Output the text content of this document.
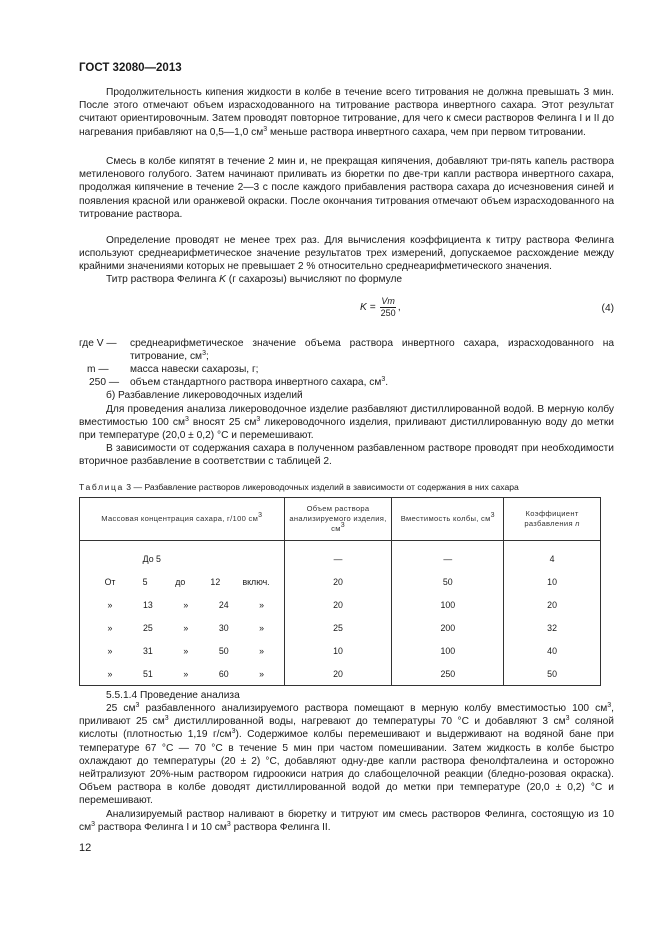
ГОСТ 32080—2013

Продолжительность кипения жидкости в колбе в течение всего титрования не должна превышать 3 мин. После этого отмечают объем израсходованного на титрование раствора инвертного сахара. Этот результат считают ориентировочным. Затем проводят повторное титрование, для чего к смеси растворов Фелинга I и II до нагревания прибавляют на 0,5—1,0 $см^3$ меньше раствора инвертного сахара, чем при первом титровании.

Смесь в колбе кипятят в течение 2 мин и, не прекращая кипячения, добавляют три-пять капель раствора метиленового голубого. Затем начинают приливать из бюретки по две-три капли раствора инвертного сахара, продолжая кипячение в течение 2—3 с после каждого прибавления раствора сахара до исчезновения синей и появления красной или оранжевой окраски. После окончания титрования отмечают объем израсходованного на титрование раствора.

Определение проводят не менее трех раз. Для вычисления коэффициента к титру раствора Фелинга используют среднеарифметическое значение результатов трех измерений, допускаемое расхождение между крайними значениями которых не превышает 2 % относительно среднеарифметического значения.

Титр раствора Фелинга K (г сахарозы) вычисляют по формуле

$K = \frac{Vm}{250}$ ,	(4)
где V — среднеарифметическое значение объема раствора инвертного сахара, израсходованного на титрование, $см^3$;
m — масса навески сахарозы, г;
250 — объем стандартного раствора инвертного сахара, $см^3$.

б) Разбавление ликероводочных изделий

Для проведения анализа ликероводочное изделие разбавляют дистиллированной водой. В мерную колбу вместимостью 100 $см^3$ вносят 25 $см^3$ ликероводочного изделия, приливают дистиллированную воду до метки при температуре (20,0 ± 0,2) °С и перемешивают.

В зависимости от содержания сахара в полученном разбавленном растворе проводят при необходимости вторичное разбавление в соответствии с таблицей 2.

Таблица 3 — Разбавление растворов ликероводочных изделий в зависимости от содержания в них сахара

Массовая концентрация сахара, г/100 $см^3$	Объем раствора анализируемого изделия, $см^3$	Вместимость колбы, $см^3$	Коэффициент разбавления n

До 5	—	—	4

От 5 до 12 включ.	20	50	10

» 13 » 24 »	20	100	20

» 25 » 30 »	25	200	32

» 31 » 50 »	10	100	40

» 51 » 60 »	20	250	50

5.5.1.4 Проведение анализа

25 $см^3$ разбавленного анализируемого раствора помещают в мерную колбу вместимостью 100 $см^3$, приливают 25 $см^3$ дистиллированной воды, нагревают до температуры 70 °С и добавляют 3 $см^3$ соляной кислоты (плотностью 1,19 $г/см^3$). Содержимое колбы перемешивают и выдерживают на водяной бане при температуре 67 °С — 70 °С в течение 5 мин при частом помешивании. Затем жидкость в колбе быстро охлаждают до температуры (20 ± 2) °С, добавляют одну-две капли раствора фенолфталеина и осторожно нейтрализуют 20%-ным раствором гидроокиси натрия до слабощелочной реакции (бледно-розовая окраска). Объем раствора в колбе доводят дистиллированной водой до метки при температуре (20,0 ± 0,2) °С и перемешивают.

Анализируемый раствор наливают в бюретку и титруют им смесь растворов Фелинга, состоящую из 10 $см^3$ раствора Фелинга I и 10 $см^3$ раствора Фелинга II.

12
